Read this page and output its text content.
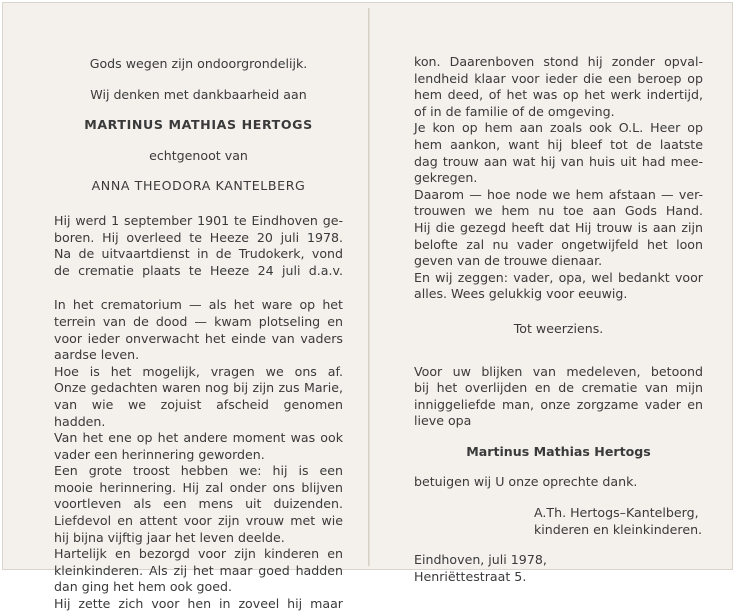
Gods wegen zijn ondoorgrondelijk.

Wij denken met dankbaarheid aan

MARTINUS MATHIAS HERTOGS

echtgenoot van

ANNA THEODORA KANTELBERG

Hij werd 1 september 1901 te Eindhoven ge-

boren. Hij overleed te Heeze 20 juli 1978.

Na de uitvaartdienst in de Trudokerk, vond

de crematie plaats te Heeze 24 juli d.a.v.

In het crematorium — als het ware op het

terrein van de dood — kwam plotseling en

voor ieder onverwacht het einde van vaders

aardse leven.

Hoe is het mogelijk, vragen we ons af.

Onze gedachten waren nog bij zijn zus Marie,

van wie we zojuist afscheid genomen hadden.

Van het ene op het andere moment was ook

vader een herinnering geworden.

Een grote troost hebben we: hij is een

mooie herinnering. Hij zal onder ons blijven

voortleven als een mens uit duizenden.

Liefdevol en attent voor zijn vrouw met wie

hij bijna vijftig jaar het leven deelde.

Hartelijk en bezorgd voor zijn kinderen en

kleinkinderen. Als zij het maar goed hadden

dan ging het hem ook goed.

Hij zette zich voor hen in zoveel hij maar

kon. Daarenboven stond hij zonder opval-

lendheid klaar voor ieder die een beroep op

hem deed, of het was op het werk indertijd,

of in de familie of de omgeving.

Je kon op hem aan zoals ook O.L. Heer op

hem aankon, want hij bleef tot de laatste

dag trouw aan wat hij van huis uit had mee-

gekregen.

Daarom — hoe node we hem afstaan — ver-

trouwen we hem nu toe aan Gods Hand.

Hij die gezegd heeft dat Hij trouw is aan zijn

belofte zal nu vader ongetwijfeld het loon

geven van de trouwe dienaar.

En wij zeggen: vader, opa, wel bedankt voor

alles. Wees gelukkig voor eeuwig.

Tot weerziens.

Voor uw blijken van medeleven, betoond

bij het overlijden en de crematie van mijn

inniggeliefde man, onze zorgzame vader en

lieve opa

Martinus Mathias Hertogs

betuigen wij U onze oprechte dank.

A.Th. Hertogs–Kantelberg,

kinderen en kleinkinderen.

Eindhoven, juli 1978,

Henriëttestraat 5.
